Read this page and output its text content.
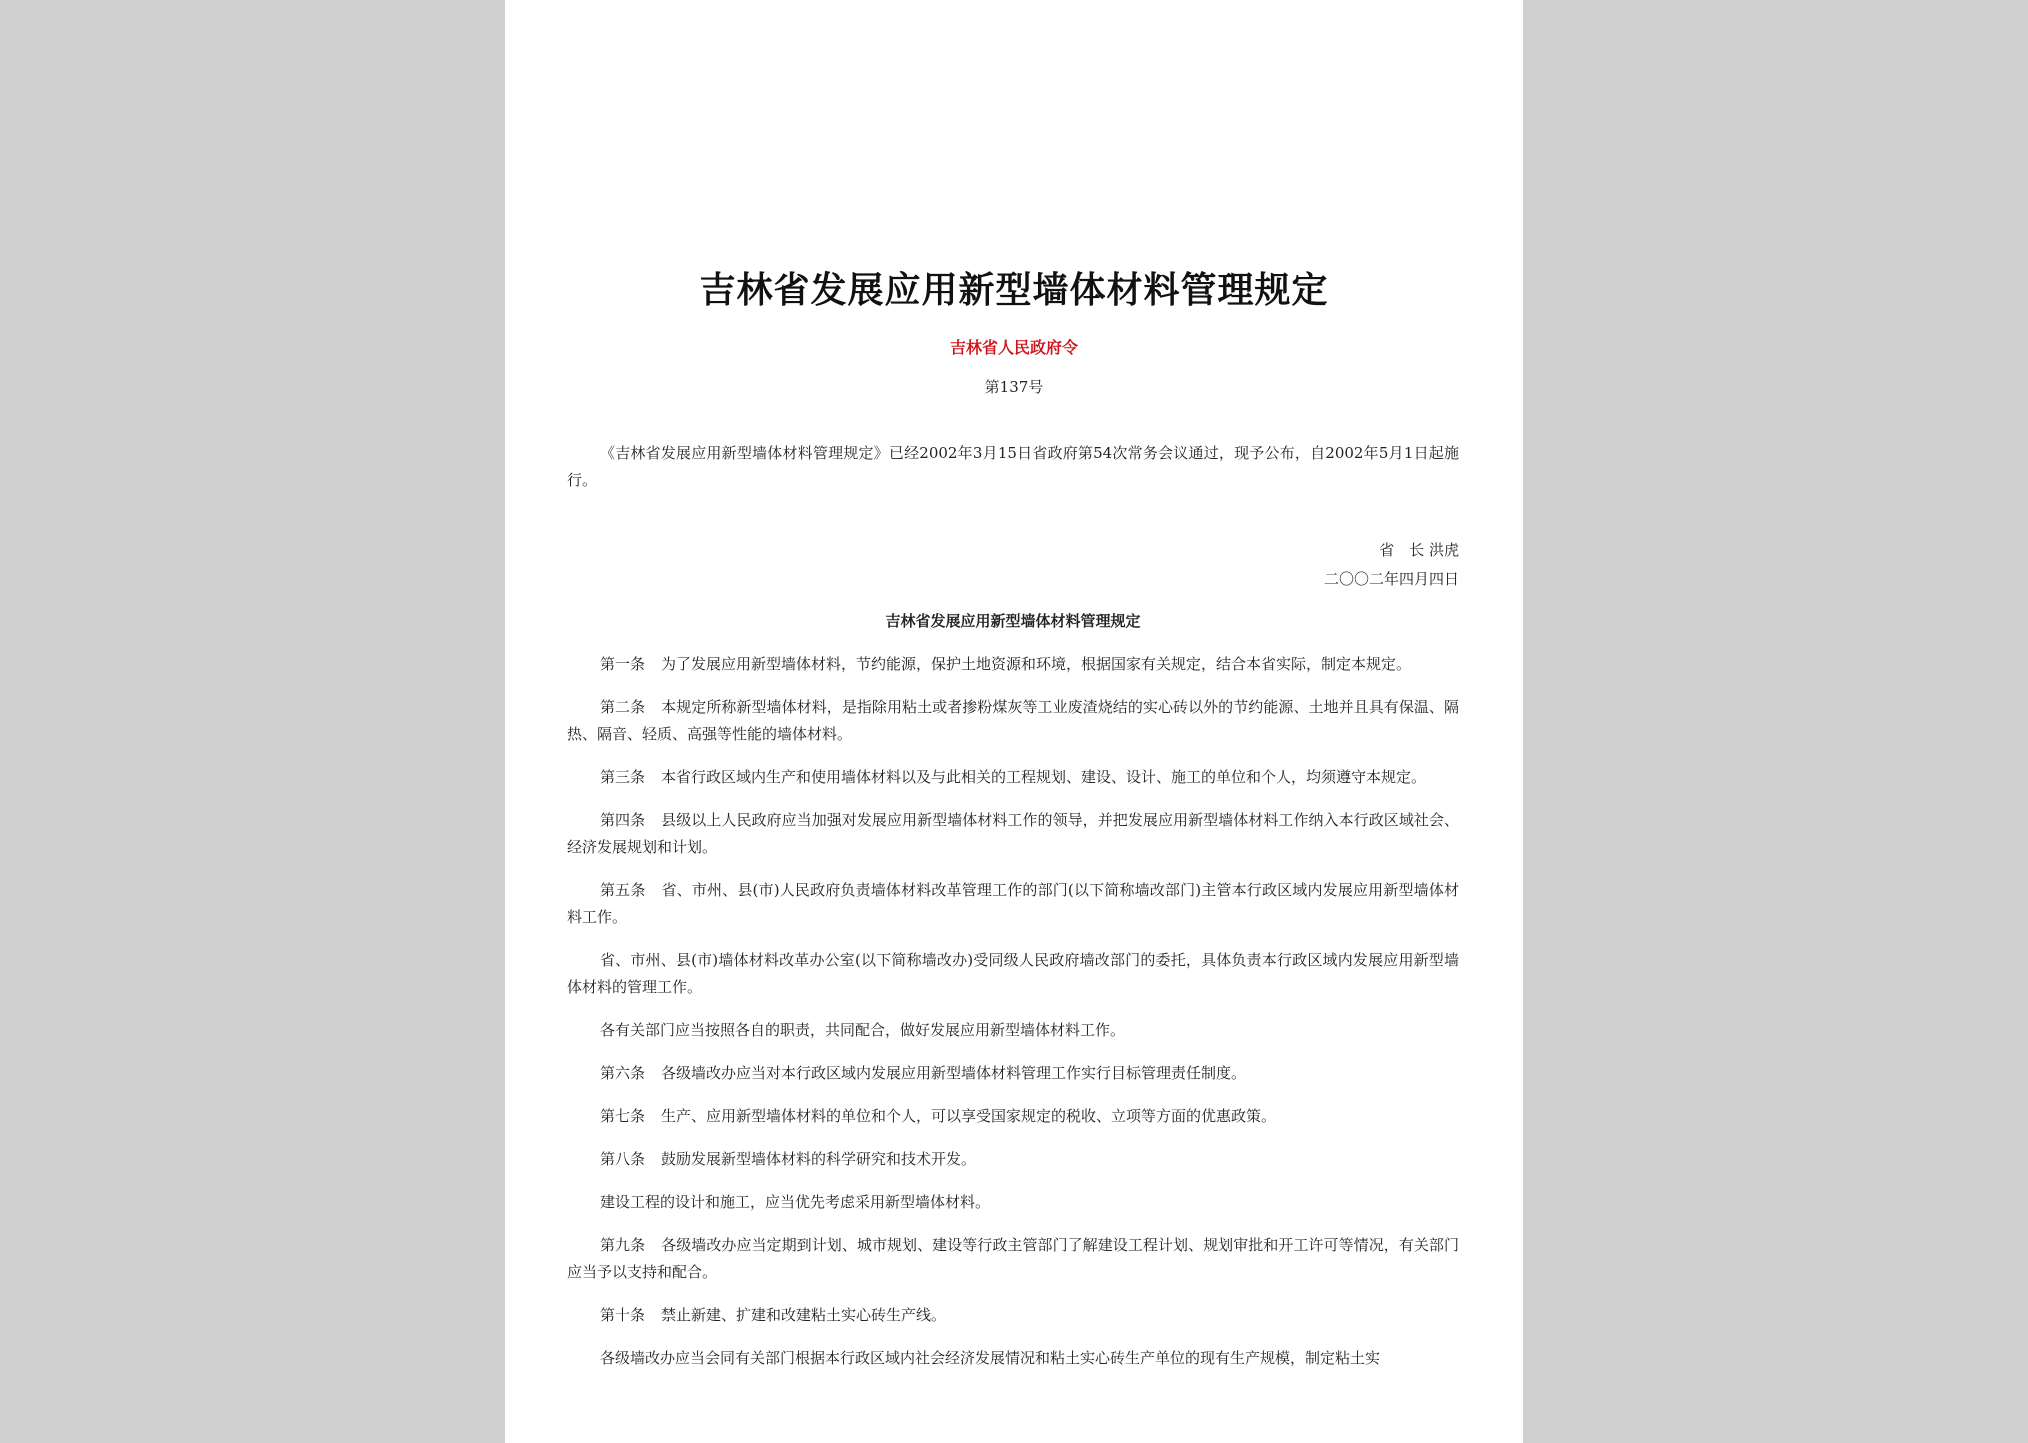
吉林省发展应用新型墙体材料管理规定
吉林省人民政府令
第137号

《吉林省发展应用新型墙体材料管理规定》已经2002年3月15日省政府第54次常务会议通过，现予公布，自2002年5月1日起施行。

省　长 洪虎
二〇〇二年四月四日
吉林省发展应用新型墙体材料管理规定

第一条 为了发展应用新型墙体材料，节约能源，保护土地资源和环境，根据国家有关规定，结合本省实际，制定本规定。

第二条 本规定所称新型墙体材料，是指除用粘土或者掺粉煤灰等工业废渣烧结的实心砖以外的节约能源、土地并且具有保温、隔热、隔音、轻质、高强等性能的墙体材料。

第三条 本省行政区域内生产和使用墙体材料以及与此相关的工程规划、建设、设计、施工的单位和个人，均须遵守本规定。

第四条 县级以上人民政府应当加强对发展应用新型墙体材料工作的领导，并把发展应用新型墙体材料工作纳入本行政区域社会、经济发展规划和计划。

第五条 省、市州、县(市)人民政府负责墙体材料改革管理工作的部门(以下简称墙改部门)主管本行政区域内发展应用新型墙体材料工作。

省、市州、县(市)墙体材料改革办公室(以下简称墙改办)受同级人民政府墙改部门的委托，具体负责本行政区域内发展应用新型墙体材料的管理工作。

各有关部门应当按照各自的职责，共同配合，做好发展应用新型墙体材料工作。

第六条 各级墙改办应当对本行政区域内发展应用新型墙体材料管理工作实行目标管理责任制度。

第七条 生产、应用新型墙体材料的单位和个人，可以享受国家规定的税收、立项等方面的优惠政策。

第八条 鼓励发展新型墙体材料的科学研究和技术开发。

建设工程的设计和施工，应当优先考虑采用新型墙体材料。

第九条 各级墙改办应当定期到计划、城市规划、建设等行政主管部门了解建设工程计划、规划审批和开工许可等情况，有关部门应当予以支持和配合。

第十条 禁止新建、扩建和改建粘土实心砖生产线。

各级墙改办应当会同有关部门根据本行政区域内社会经济发展情况和粘土实心砖生产单位的现有生产规模，制定粘土实
